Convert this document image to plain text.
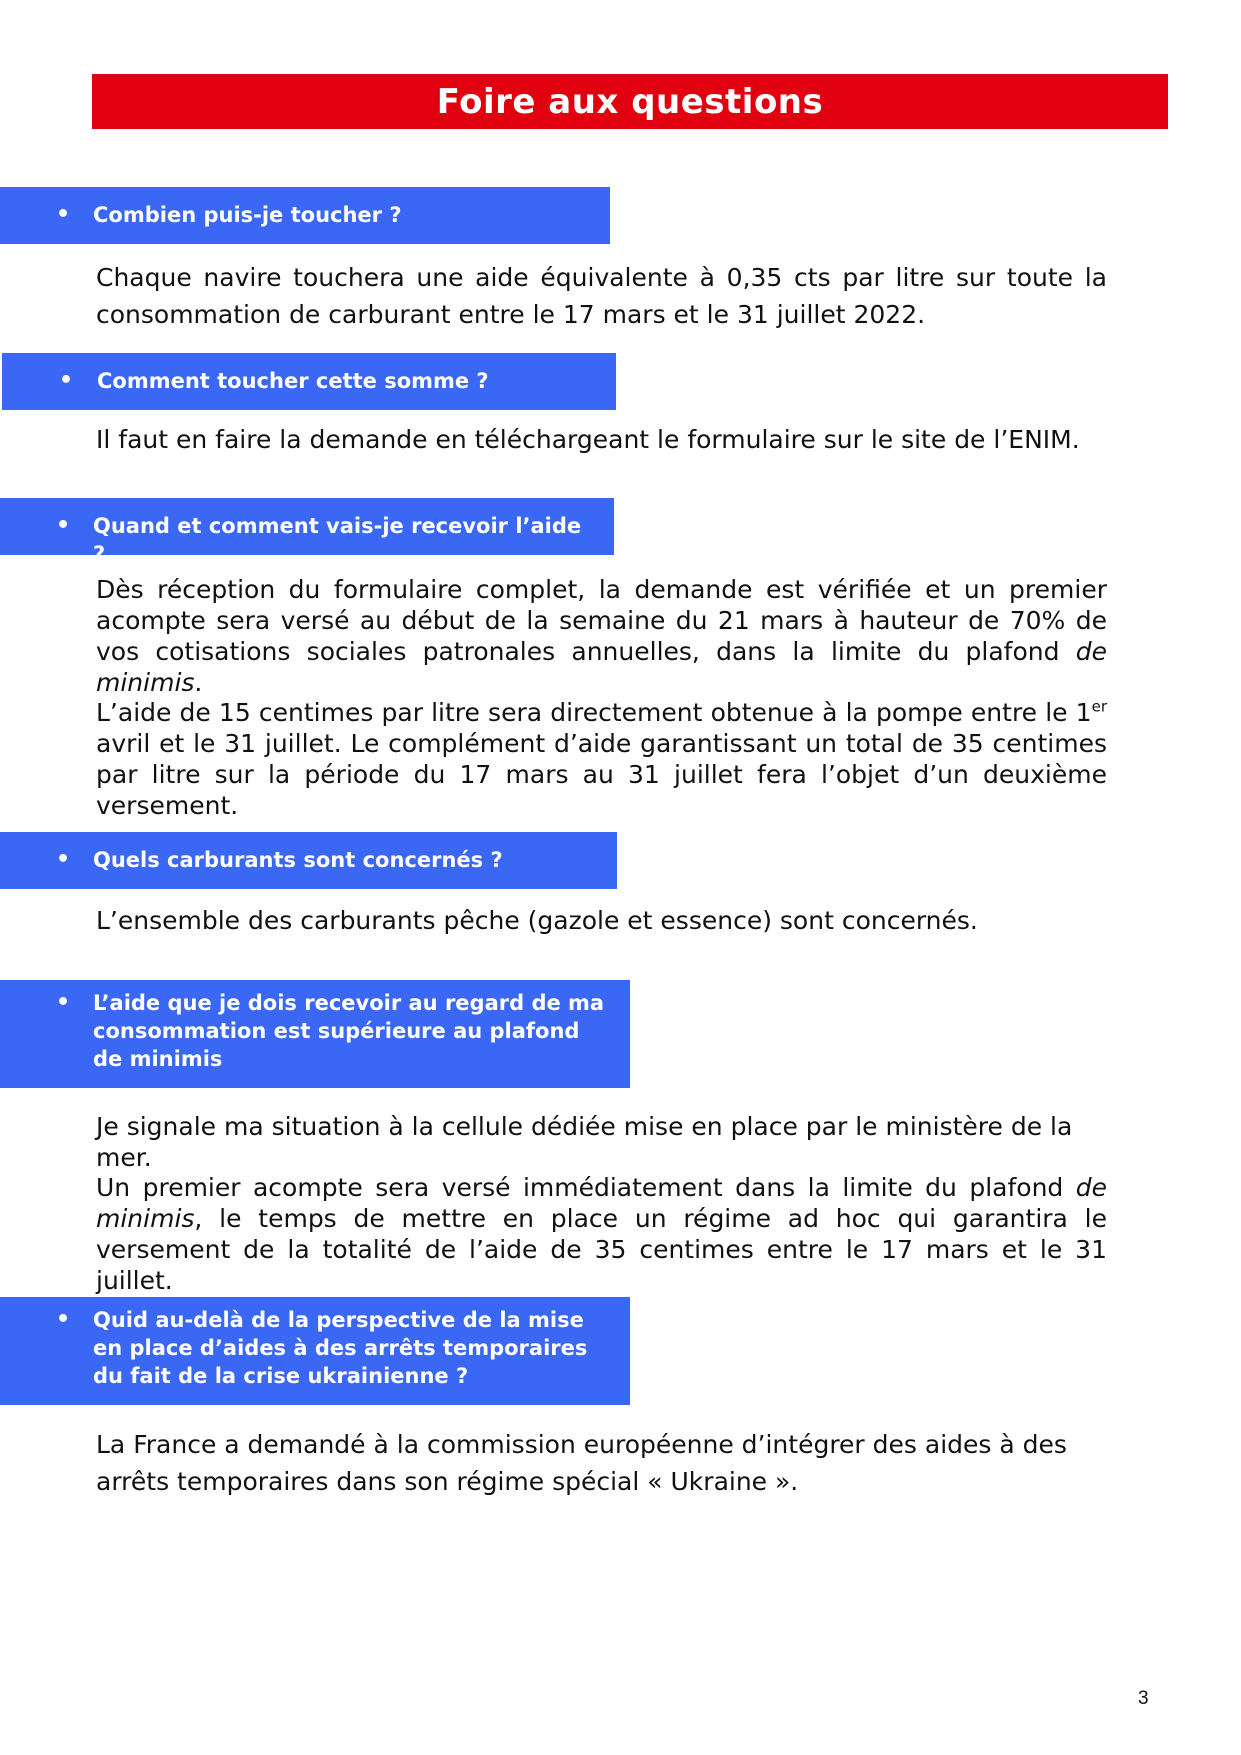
Foire aux questions
• Combien puis-je toucher ?

Chaque navire touchera une aide équivalente à 0,35 cts par litre sur toute la consommation de carburant entre le 17 mars et le 31 juillet 2022.

• Comment toucher cette somme ?

Il faut en faire la demande en téléchargeant le formulaire sur le site de l’ENIM.

• Quand et comment vais-je recevoir l’aide ?

Dès réception du formulaire complet, la demande est vérifiée et un premier acompte sera versé au début de la semaine du 21 mars à hauteur de 70% de vos cotisations sociales patronales annuelles, dans la limite du plafond de minimis.

L’aide de 15 centimes par litre sera directement obtenue à la pompe entre le 1er avril et le 31 juillet. Le complément d’aide garantissant un total de 35 centimes par litre sur la période du 17 mars au 31 juillet fera l’objet d’un deuxième versement.

• Quels carburants sont concernés ?

L’ensemble des carburants pêche (gazole et essence) sont concernés.

• L’aide que je dois recevoir au regard de ma consommation est supérieure au plafond de minimis

Je signale ma situation à la cellule dédiée mise en place par le ministère de la mer.

Un premier acompte sera versé immédiatement dans la limite du plafond de minimis, le temps de mettre en place un régime ad hoc qui garantira le versement de la totalité de l’aide de 35 centimes entre le 17 mars et le 31 juillet.

• Quid au-delà de la perspective de la mise en place d’aides à des arrêts temporaires du fait de la crise ukrainienne ?

La France a demandé à la commission européenne d’intégrer des aides à des arrêts temporaires dans son régime spécial « Ukraine ».

3
